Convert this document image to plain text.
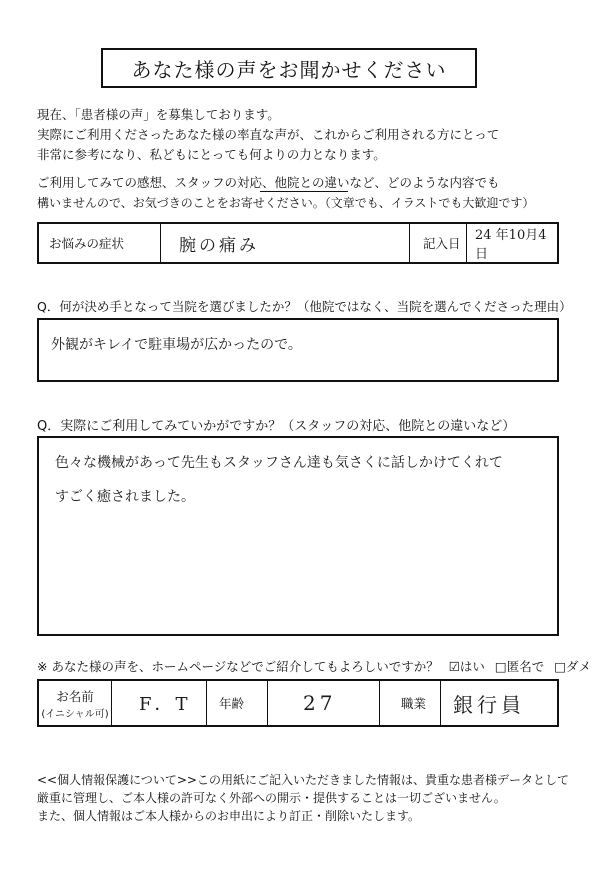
あなた様の声をお聞かせください
現在、「患者様の声」を募集しております。
実際にご利用くださったあなた様の率直な声が、これからご利用される方にとって
非常に参考になり、私どもにとっても何よりの力となります。
ご利用してみての感想、スタッフの対応、他院との違いなど、どのような内容でも
構いませんので、お気づきのことをお寄せください。（文章でも、イラストでも大歓迎です）
お悩みの症状	腕の痛み	記入日
24 年10月4 日
Q．何が決め手となって当院を選びましたか？（他院ではなく、当院を選んでくださった理由）
外観がキレイで駐車場が広かったので。
Q．実際にご利用してみていかがですか？（スタッフの対応、他院との違いなど）
色々な機械があって先生もスタッフさん達も気さくに話しかけてくれて
すごく癒されました。
※ あなた様の声を、ホームページなどでご紹介してもよろしいですか？ ☑はい □匿名で □ダメ
お名前
(イニシャル可) F．T 年齢	27	職業 銀行員
<<個人情報保護について>>この用紙にご記入いただきました情報は、貴重な患者様データとして
厳重に管理し、ご本人様の許可なく外部への開示・提供することは一切ございません。
また、個人情報はご本人様からのお申出により訂正・削除いたします。
